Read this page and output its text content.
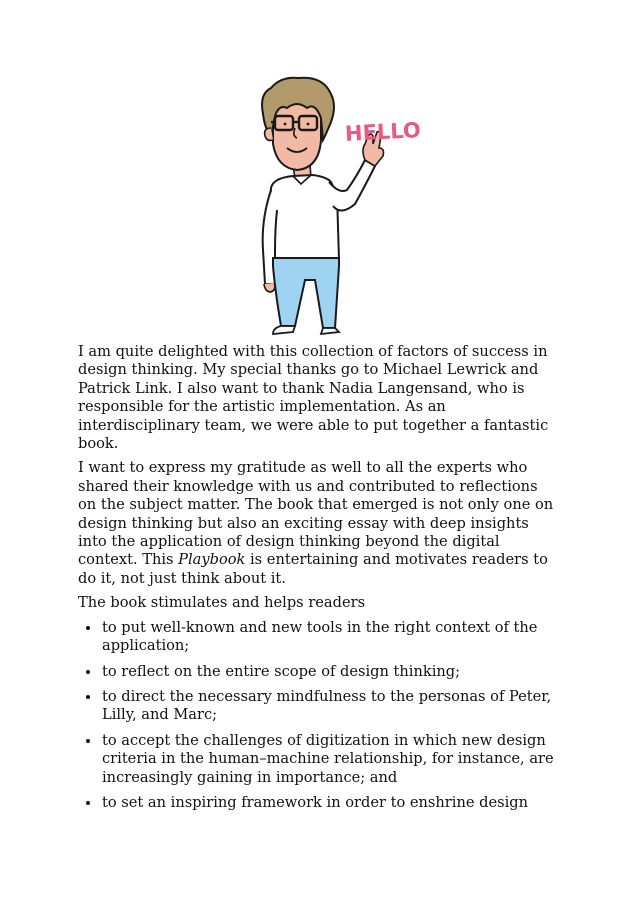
HELLO

I am quite delighted with this collection of factors of success in design thinking. My special thanks go to Michael Lewrick and Patrick Link. I also want to thank Nadia Langensand, who is responsible for the artistic implementation. As an interdisciplinary team, we were able to put together a fantastic book.

I want to express my gratitude as well to all the experts who shared their knowledge with us and contributed to reflections on the subject matter. The book that emerged is not only one on design thinking but also an exciting essay with deep insights into the application of design thinking beyond the digital context. This Playbook is entertaining and motivates readers to do it, not just think about it.

The book stimulates and helps readers

• to put well-known and new tools in the right context of the application;
• to reflect on the entire scope of design thinking;
• to direct the necessary mindfulness to the personas of Peter, Lilly, and Marc;
• to accept the challenges of digitization in which new design criteria in the human–machine relationship, for instance, are increasingly gaining in importance; and
• to set an inspiring framework in order to enshrine design
